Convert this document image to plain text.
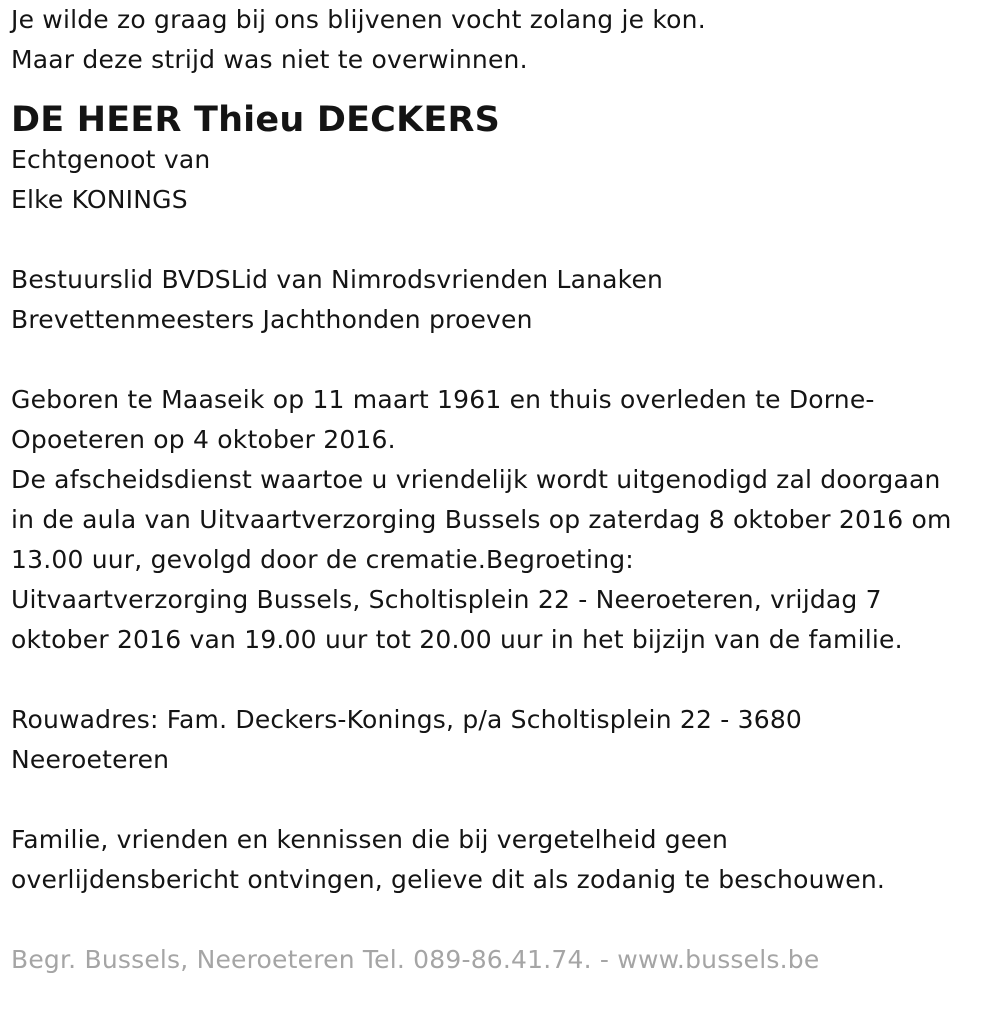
Je wilde zo graag bij ons blijvenen vocht zolang je kon.
Maar deze strijd was niet te overwinnen.
DE HEER Thieu DECKERS
Echtgenoot van
Elke KONINGS
Bestuurslid BVDSLid van Nimrodsvrienden Lanaken
Brevettenmeesters Jachthonden proeven
Geboren te Maaseik op 11 maart 1961 en thuis overleden te Dorne-
Opoeteren op 4 oktober 2016.
De afscheidsdienst waartoe u vriendelijk wordt uitgenodigd zal doorgaan
in de aula van Uitvaartverzorging Bussels op zaterdag 8 oktober 2016 om
13.00 uur, gevolgd door de crematie.Begroeting:
Uitvaartverzorging Bussels, Scholtisplein 22 - Neeroeteren, vrijdag 7
oktober 2016 van 19.00 uur tot 20.00 uur in het bijzijn van de familie.
Rouwadres: Fam. Deckers-Konings, p/a Scholtisplein 22 - 3680
Neeroeteren
Familie, vrienden en kennissen die bij vergetelheid geen
overlijdensbericht ontvingen, gelieve dit als zodanig te beschouwen.
Begr. Bussels, Neeroeteren Tel. 089-86.41.74. - www.bussels.be
